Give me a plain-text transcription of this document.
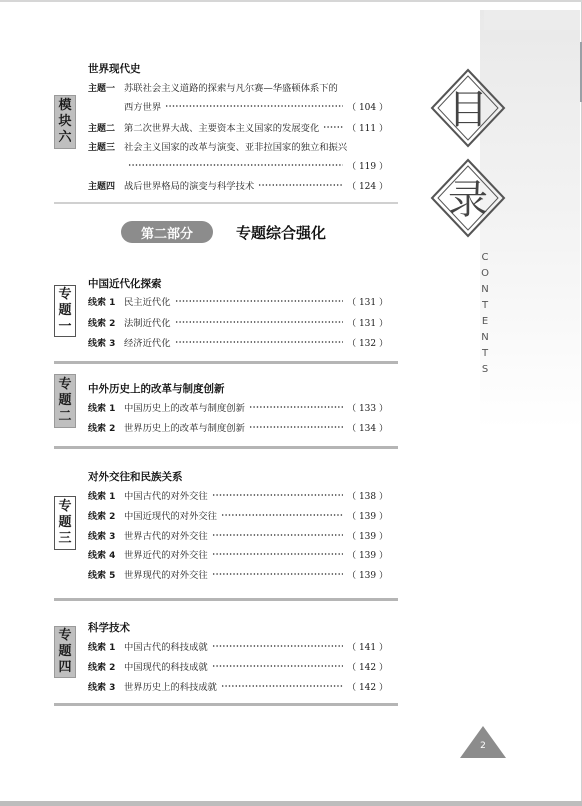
目
录
C
O
N
T
E
N
T
S
模
块
六
世界现代史
主题一 苏联社会主义道路的探索与凡尔赛—华盛顿体系下的
西方世界	（ 104 ）
主题二 第二次世界大战、主要资本主义国家的发展变化	（ 111 ）
主题三 社会主义国家的改革与演变、亚非拉国家的独立和振兴
（ 119 ）
主题四 战后世界格局的演变与科学技术	（ 124 ）
第二部分	专题综合强化
中国近代化探索
专
题
一
线索 1 民主近代化	（ 131 ）
线索 2 法制近代化	（ 131 ）
线索 3 经济近代化	（ 132 ）
专
题
二
中外历史上的改革与制度创新
线索 1 中国历史上的改革与制度创新	（ 133 ）
线索 2 世界历史上的改革与制度创新	（ 134 ）
对外交往和民族关系
专
题
三
线索 1 中国古代的对外交往	（ 138 ）
线索 2 中国近现代的对外交往	（ 139 ）
线索 3 世界古代的对外交往	（ 139 ）
线索 4 世界近代的对外交往	（ 139 ）
线索 5 世界现代的对外交往	（ 139 ）
科学技术
专
题
四
线索 1 中国古代的科技成就	（ 141 ）
线索 2 中国现代的科技成就	（ 142 ）
线索 3 世界历史上的科技成就	（ 142 ）
2
